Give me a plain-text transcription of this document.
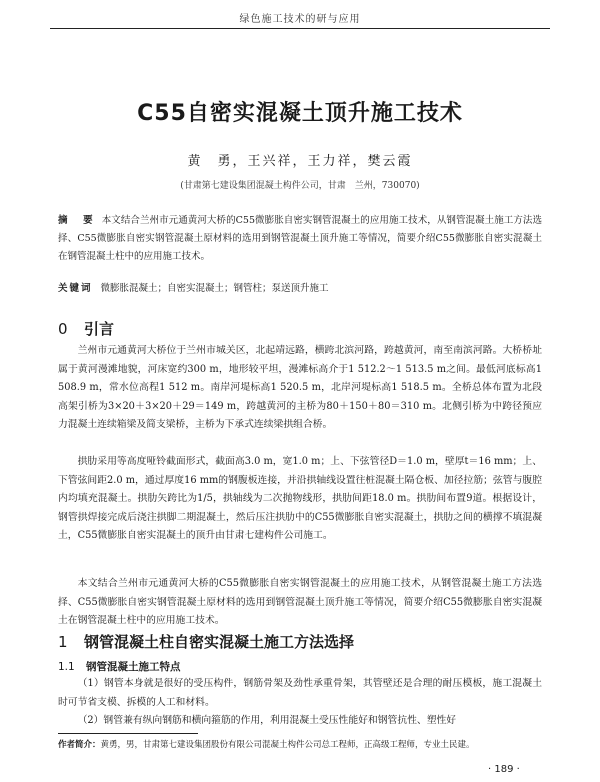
绿色施工技术的研与应用
C55自密实混凝土顶升施工技术
黄　勇，王兴祥，王力祥，樊云霞
(甘肃第七建设集团混凝土构件公司，甘肃　兰州，730070)
摘　要 本文结合兰州市元通黄河大桥的C55微膨胀自密实钢管混凝土的应用施工技术，从钢管混凝土施工方法选择、C55微膨胀自密实钢管混凝土原材料的选用到钢管混凝土顶升施工等情况，简要介绍C55微膨胀自密实混凝土在钢管混凝土柱中的应用施工技术。
关键词 微膨胀混凝土；自密实混凝土；钢管柱；泵送顶升施工
0 引言
兰州市元通黄河大桥位于兰州市城关区，北起靖远路，横跨北滨河路，跨越黄河，南至南滨河路。大桥桥址属于黄河漫滩地貌，河床宽约300 m，地形较平坦，漫滩标高介于1 512.2～1 513.5 m之间。最低河底标高1 508.9 m，常水位高程1 512 m。南岸河堤标高1 520.5 m，北岸河堤标高1 518.5 m。全桥总体布置为北段高架引桥为3×20＋3×20＋29＝149 m，跨越黄河的主桥为80＋150＋80＝310 m。北侧引桥为中跨径预应力混凝土连续箱梁及简支梁桥，主桥为下承式连续梁拱组合桥。
拱肋采用等高度哑铃截面形式，截面高3.0 m，宽1.0 m；上、下弦管径D＝1.0 m，壁厚t＝16 mm；上、下管弦间距2.0 m，通过厚度16 mm的钢腹板连接，并沿拱轴线设置往桩混凝土隔仓板、加径拉筋；弦管与腹腔内均填充混凝土。拱肋矢跨比为1/5，拱轴线为二次抛物线形，拱肋间距18.0 m。拱肋间布置9道。根据设计，钢管拱焊接完成后浇注拱脚二期混凝土，然后压注拱肋中的C55微膨胀自密实混凝土，拱肋之间的横撑不填混凝土，C55微膨胀自密实混凝土的顶升由甘肃七建构件公司施工。
本文结合兰州市元通黄河大桥的C55微膨胀自密实钢管混凝土的应用施工技术，从钢管混凝土施工方法选择、C55微膨胀自密实钢管混凝土原材料的选用到钢管混凝土顶升施工等情况，简要介绍C55微膨胀自密实混凝土在钢管混凝土柱中的应用施工技术。
1 钢管混凝土柱自密实混凝土施工方法选择
1.1 钢管混凝土施工特点
（1）钢管本身就是很好的受压构件，钢筋骨架及劲性承重骨架，其管壁还是合理的耐压模板，施工混凝土时可节省支模、拆模的人工和材料。
（2）钢管兼有纵向钢筋和横向箍筋的作用，利用混凝土受压性能好和钢管抗性、塑性好
作者简介：黄勇，男，甘肃第七建设集团股份有限公司混凝土构件公司总工程师，正高级工程师，专业土民建。
· 189 ·
